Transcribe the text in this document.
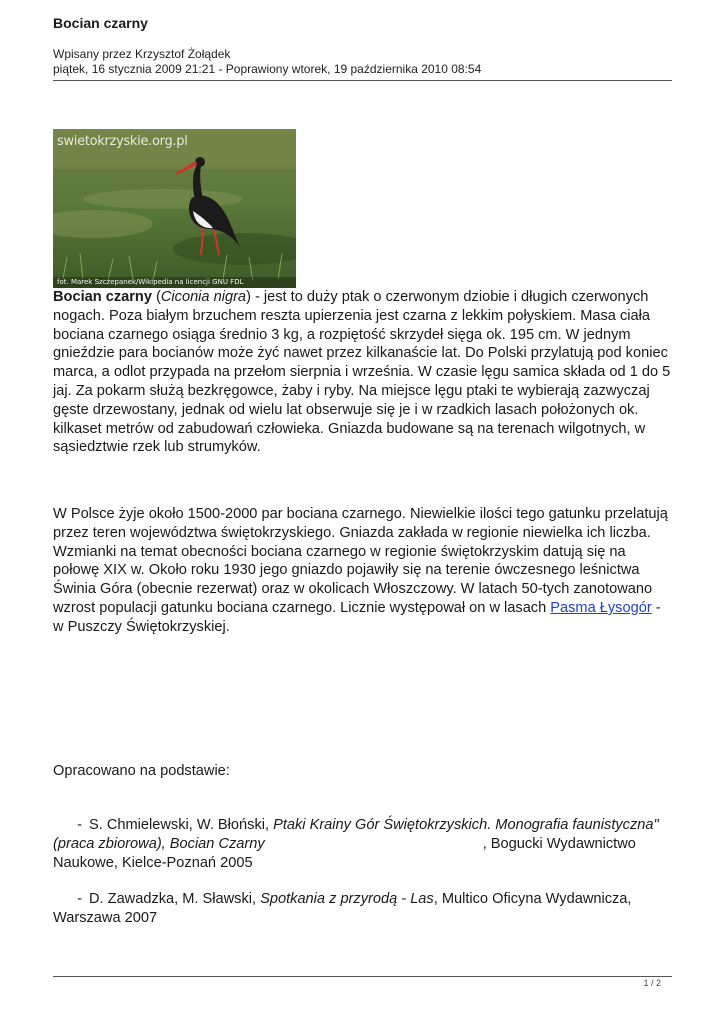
Bocian czarny
Wpisany przez Krzysztof Żołądek
piątek, 16 stycznia 2009 21:21 - Poprawiony wtorek, 19 października 2010 08:54
swietokrzyskie.org.pl
fot. Marek Szczepanek/Wikipedia na licencji GNU FDL
Bocian czarny (Ciconia nigra) - jest to duży ptak o czerwonym dziobie i długich czerwonych nogach. Poza białym brzuchem reszta upierzenia jest czarna z lekkim połyskiem. Masa ciała bociana czarnego osiąga średnio 3 kg, a rozpiętość skrzydeł sięga ok. 195 cm. W jednym gnieździe para bocianów może żyć nawet przez kilkanaście lat. Do Polski przylatują pod koniec marca, a odlot przypada na przełom sierpnia i września. W czasie lęgu samica składa od 1 do 5 jaj. Za pokarm służą bezkręgowce, żaby i ryby. Na miejsce lęgu ptaki te wybierają zazwyczaj gęste drzewostany, jednak od wielu lat obserwuje się je i w rzadkich lasach położonych ok. kilkaset metrów od zabudowań człowieka. Gniazda budowane są na terenach wilgotnych, w sąsiedztwie rzek lub strumyków.
W Polsce żyje około 1500-2000 par bociana czarnego. Niewielkie ilości tego gatunku przelatują przez teren województwa świętokrzyskiego. Gniazda zakłada w regionie niewielka ich liczba. Wzmianki na temat obecności bociana czarnego w regionie świętokrzyskim datują się na połowę XIX w. Około roku 1930 jego gniazdo pojawiły się na terenie ówczesnego leśnictwa Świnia Góra (obecnie rezerwat) oraz w okolicach Włoszczowy. W latach 50-tych zanotowano wzrost populacji gatunku bociana czarnego. Licznie występował on w lasach Pasma Łysogór - w Puszczy Świętokrzyskiej.
Opracowano na podstawie:
- S. Chmielewski, W. Błoński, Ptaki Krainy Gór Świętokrzyskich. Monografia faunistyczna" (praca zbiorowa), Bocian Czarny	, Bogucki Wydawnictwo Naukowe, Kielce-Poznań 2005
- D. Zawadzka, M. Sławski, Spotkania z przyrodą - Las, Multico Oficyna Wydawnicza, Warszawa 2007
1 / 2
